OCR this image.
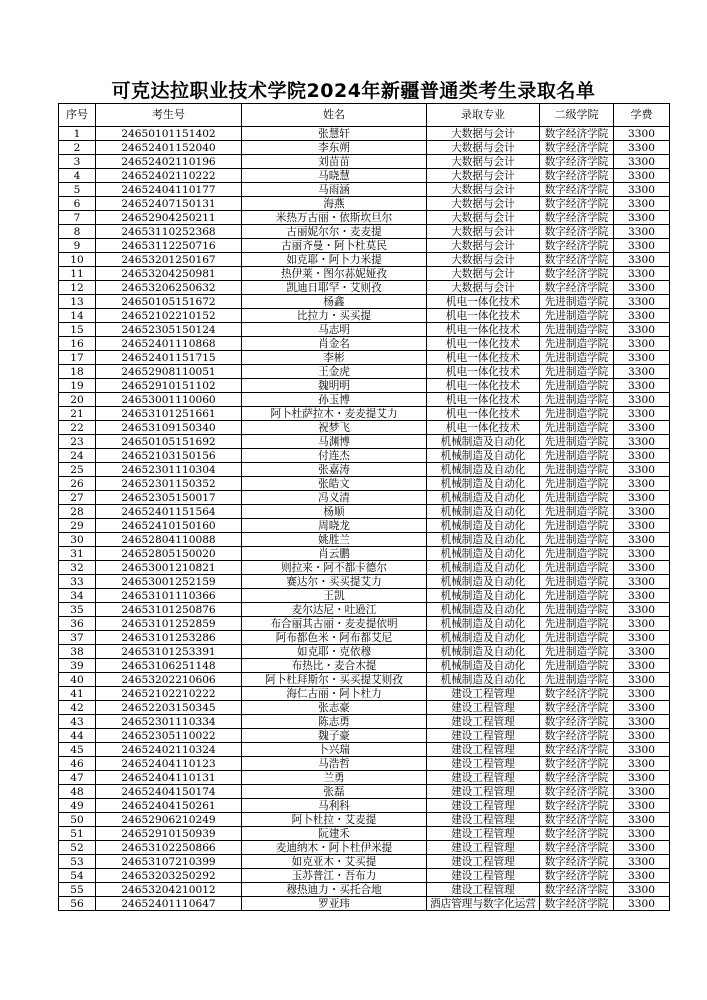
可克达拉职业技术学院2024年新疆普通类考生录取名单
序号	考生号	姓名	录取专业	二级学院	学费
1	24650101151402	张慧轩	大数据与会计	数字经济学院	3300
2	24652401152040	李东朔	大数据与会计	数字经济学院	3300
3	24652402110196	刘苗苗	大数据与会计	数字经济学院	3300
4	24652402110222	马晓慧	大数据与会计	数字经济学院	3300
5	24652404110177	马雨涵	大数据与会计	数字经济学院	3300
6	24652407150131	海燕	大数据与会计	数字经济学院	3300
7	24652904250211	米热万古丽・依斯坎旦尔	大数据与会计	数字经济学院	3300
8	24653110252368	古丽妮尔尔・麦麦提	大数据与会计	数字经济学院	3300
9	24653112250716	古丽齐曼・阿卜杜莫民	大数据与会计	数字经济学院	3300
10	24653201250167	如克耶・阿卜力米提	大数据与会计	数字经济学院	3300
11	24653204250981	热伊莱・图尔荪妮娅孜	大数据与会计	数字经济学院	3300
12	24653206250632	凯迪日耶罕・艾则孜	大数据与会计	数字经济学院	3300
13	24650105151672	杨鑫	机电一体化技术	先进制造学院	3300
14	24652102210152	比拉力・买买提	机电一体化技术	先进制造学院	3300
15	24652305150124	马志明	机电一体化技术	先进制造学院	3300
16	24652401110868	肖金名	机电一体化技术	先进制造学院	3300
17	24652401151715	李彬	机电一体化技术	先进制造学院	3300
18	24652908110051	王金虎	机电一体化技术	先进制造学院	3300
19	24652910151102	魏明明	机电一体化技术	先进制造学院	3300
20	24653001110060	孙玉博	机电一体化技术	先进制造学院	3300
21	24653101251661	阿卜杜萨拉木・麦麦提艾力	机电一体化技术	先进制造学院	3300
22	24653109150340	祝梦飞	机电一体化技术	先进制造学院	3300
23	24650105151692	马渊博	机械制造及自动化	先进制造学院	3300
24	24652103150156	付连杰	机械制造及自动化	先进制造学院	3300
25	24652301110304	张嘉涛	机械制造及自动化	先进制造学院	3300
26	24652301150352	张皓文	机械制造及自动化	先进制造学院	3300
27	24652305150017	冯义清	机械制造及自动化	先进制造学院	3300
28	24652401151564	杨顺	机械制造及自动化	先进制造学院	3300
29	24652410150160	周晓龙	机械制造及自动化	先进制造学院	3300
30	24652804110088	姚胜兰	机械制造及自动化	先进制造学院	3300
31	24652805150020	肖云鹏	机械制造及自动化	先进制造学院	3300
32	24653001210821	则拉来・阿不都卡德尔	机械制造及自动化	先进制造学院	3300
33	24653001252159	赛达尔・买买提艾力	机械制造及自动化	先进制造学院	3300
34	24653101110366	王凯	机械制造及自动化	先进制造学院	3300
35	24653101250876	麦尔达尼・吐逊江	机械制造及自动化	先进制造学院	3300
36	24653101252859	布合丽其古丽・麦麦提依明	机械制造及自动化	先进制造学院	3300
37	24653101253286	阿布都色米・阿布都艾尼	机械制造及自动化	先进制造学院	3300
38	24653101253391	如克耶・克依穆	机械制造及自动化	先进制造学院	3300
39	24653106251148	布热比・麦合木提	机械制造及自动化	先进制造学院	3300
40	24653202210606	阿卜杜拜斯尔・买买提艾则孜	机械制造及自动化	先进制造学院	3300
41	24652102210222	海仁古丽・阿卜杜力	建设工程管理	数字经济学院	3300
42	24652203150345	张志豪	建设工程管理	数字经济学院	3300
43	24652301110334	陈志勇	建设工程管理	数字经济学院	3300
44	24652305110022	魏子豪	建设工程管理	数字经济学院	3300
45	24652402110324	卜兴瑞	建设工程管理	数字经济学院	3300
46	24652404110123	马浩哲	建设工程管理	数字经济学院	3300
47	24652404110131	兰勇	建设工程管理	数字经济学院	3300
48	24652404150174	张磊	建设工程管理	数字经济学院	3300
49	24652404150261	马利科	建设工程管理	数字经济学院	3300
50	24652906210249	阿卜杜拉・艾麦提	建设工程管理	数字经济学院	3300
51	24652910150939	阮建禾	建设工程管理	数字经济学院	3300
52	24653102250866	麦迪纳木・阿卜杜伊米提	建设工程管理	数字经济学院	3300
53	24653107210399	如克亚木・艾买提	建设工程管理	数字经济学院	3300
54	24653203250292	玉苏普江・吾布力	建设工程管理	数字经济学院	3300
55	24653204210012	穆热迪力・买托合地	建设工程管理	数字经济学院	3300
56	24652401110647	罗亚玮	酒店管理与数字化运营	数字经济学院	3300
